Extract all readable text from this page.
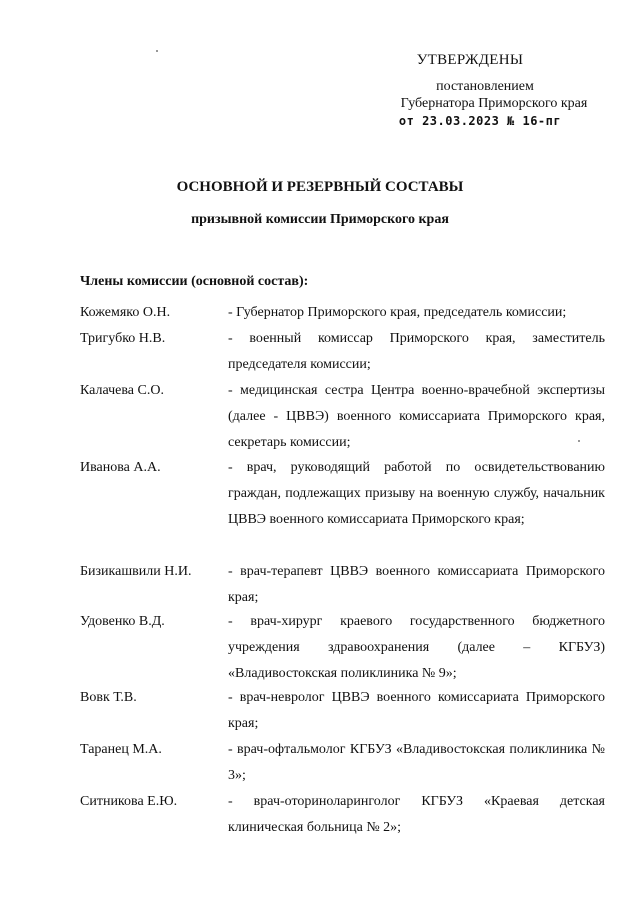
УТВЕРЖДЕНЫ
постановлением
Губернатора Приморского края
от 23.03.2023 № 16-пг
ОСНОВНОЙ И РЕЗЕРВНЫЙ СОСТАВЫ
призывной комиссии Приморского края
Члены комиссии (основной состав):
Кожемяко О.Н.	- Губернатор Приморского края, председатель комиссии;
Тригубко Н.В.	- военный комиссар Приморского края, заместитель председателя комиссии;
Калачева С.О.	- медицинская сестра Центра военно-врачебной экспертизы (далее - ЦВВЭ) военного комиссариата Приморского края, секретарь комиссии;
Иванова А.А.	- врач, руководящий работой по освидетельствованию граждан, подлежащих призыву на военную службу, начальник ЦВВЭ военного комиссариата Приморского края;
Бизикашвили Н.И.	- врач-терапевт ЦВВЭ военного комиссариата Приморского края;
Удовенко В.Д.	- врач-хирург краевого государственного бюджетного учреждения здравоохранения (далее – КГБУЗ) «Владивостокская поликлиника № 9»;
Вовк Т.В.	- врач-невролог ЦВВЭ военного комиссариата Приморского края;
Таранец М.А.	- врач-офтальмолог КГБУЗ «Владивостокская поликлиника № 3»;
Ситникова Е.Ю.	- врач-оториноларинголог КГБУЗ «Краевая детская клиническая больница № 2»;
